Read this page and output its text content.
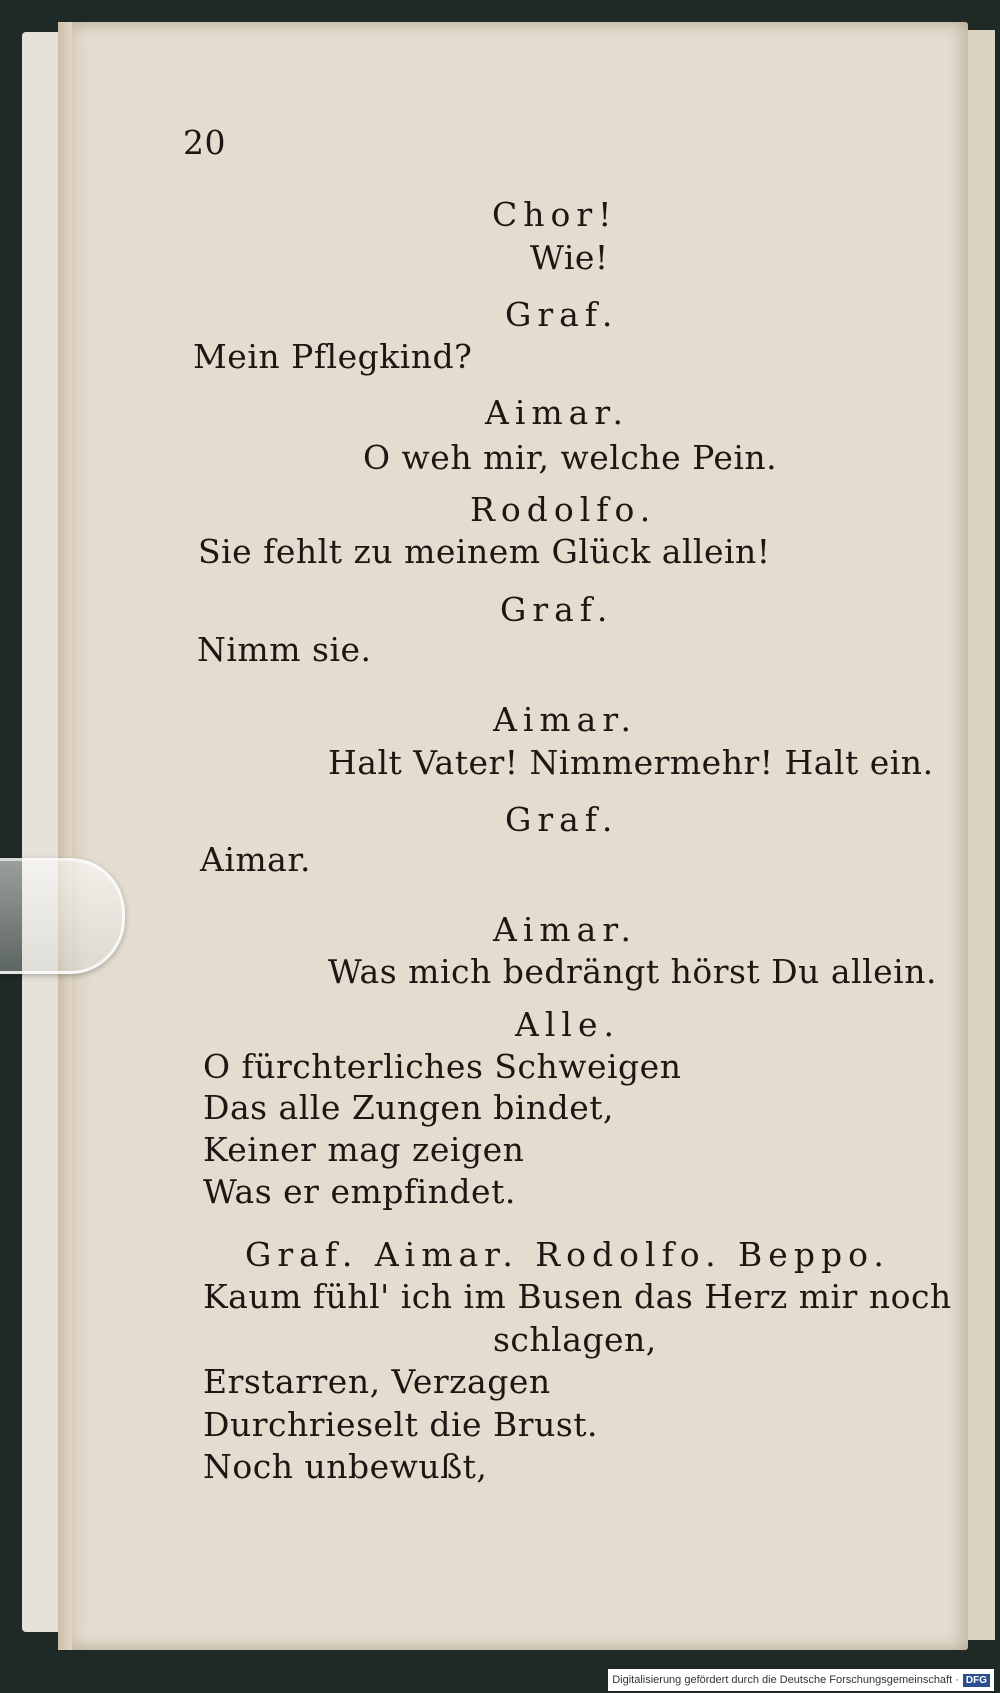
20
Chor!
Wie!
Graf.
Mein Pflegkind?
Aimar.
O weh mir, welche Pein.
Rodolfo.
Sie fehlt zu meinem Glück allein!
Graf.
Nimm sie.
Aimar.
Halt Vater! Nimmermehr! Halt ein.
Graf.
Aimar.
Aimar.
Was mich bedrängt hörst Du allein.
Alle.
O fürchterliches Schweigen
Das alle Zungen bindet,
Keiner mag zeigen
Was er empfindet.
Graf. Aimar. Rodolfo. Beppo.
Kaum fühl' ich im Busen das Herz mir noch
schlagen,
Erstarren, Verzagen
Durchrieselt die Brust.
Noch unbewußt,
Digitalisierung gefördert durch die Deutsche Forschungsgemeinschaft · DFG
